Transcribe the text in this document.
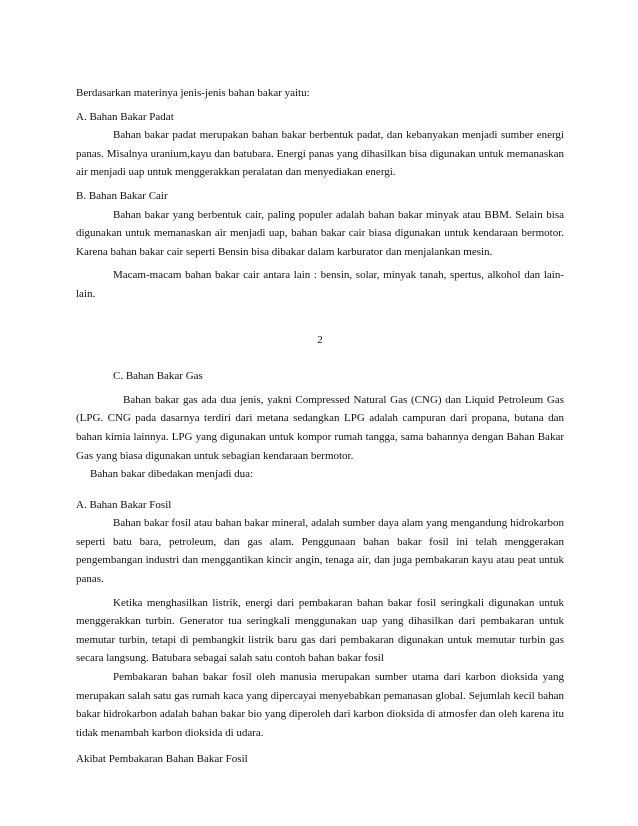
Berdasarkan materinya jenis-jenis bahan bakar yaitu:

A. Bahan Bakar Padat

Bahan bakar padat merupakan bahan bakar berbentuk padat, dan kebanyakan menjadi sumber energi panas. Misalnya uranium,kayu dan batubara. Energi panas yang dihasilkan bisa digunakan untuk memanaskan air menjadi uap untuk menggerakkan peralatan dan menyediakan energi.

B. Bahan Bakar Cair

Bahan bakar yang berbentuk cair, paling populer adalah bahan bakar minyak atau BBM. Selain bisa digunakan untuk memanaskan air menjadi uap, bahan bakar cair biasa digunakan untuk kendaraan bermotor. Karena bahan bakar cair seperti Bensin bisa dibakar dalam karburator dan menjalankan mesin.

Macam-macam bahan bakar cair antara lain : bensin, solar, minyak tanah, spertus, alkohol dan lain-lain.

2

C. Bahan Bakar Gas

Bahan bakar gas ada dua jenis, yakni Compressed Natural Gas (CNG) dan Liquid Petroleum Gas (LPG. CNG pada dasarnya terdiri dari metana sedangkan LPG adalah campuran dari propana, butana dan bahan kimia lainnya. LPG yang digunakan untuk kompor rumah tangga, sama bahannya dengan Bahan Bakar Gas yang biasa digunakan untuk sebagian kendaraan bermotor.

Bahan bakar dibedakan menjadi dua:

A. Bahan Bakar Fosil

Bahan bakar fosil atau bahan bakar mineral, adalah sumber daya alam yang mengandung hidrokarbon seperti batu bara, petroleum, dan gas alam. Penggunaan bahan bakar fosil ini telah menggerakan pengembangan industri dan menggantikan kincir angin, tenaga air, dan juga pembakaran kayu atau peat untuk panas.

Ketika menghasilkan listrik, energi dari pembakaran bahan bakar fosil seringkali digunakan untuk menggerakkan turbin. Generator tua seringkali menggunakan uap yang dihasilkan dari pembakaran untuk memutar turbin, tetapi di pembangkit listrik baru gas dari pembakaran digunakan untuk memutar turbin gas secara langsung. Batubara sebagai salah satu contoh bahan bakar fosil

Pembakaran bahan bakar fosil oleh manusia merupakan sumber utama dari karbon dioksida yang merupakan salah satu gas rumah kaca yang dipercayai menyebabkan pemanasan global. Sejumlah kecil bahan bakar hidrokarbon adalah bahan bakar bio yang diperoleh dari karbon dioksida di atmosfer dan oleh karena itu tidak menambah karbon dioksida di udara.

Akibat Pembakaran Bahan Bakar Fosil
